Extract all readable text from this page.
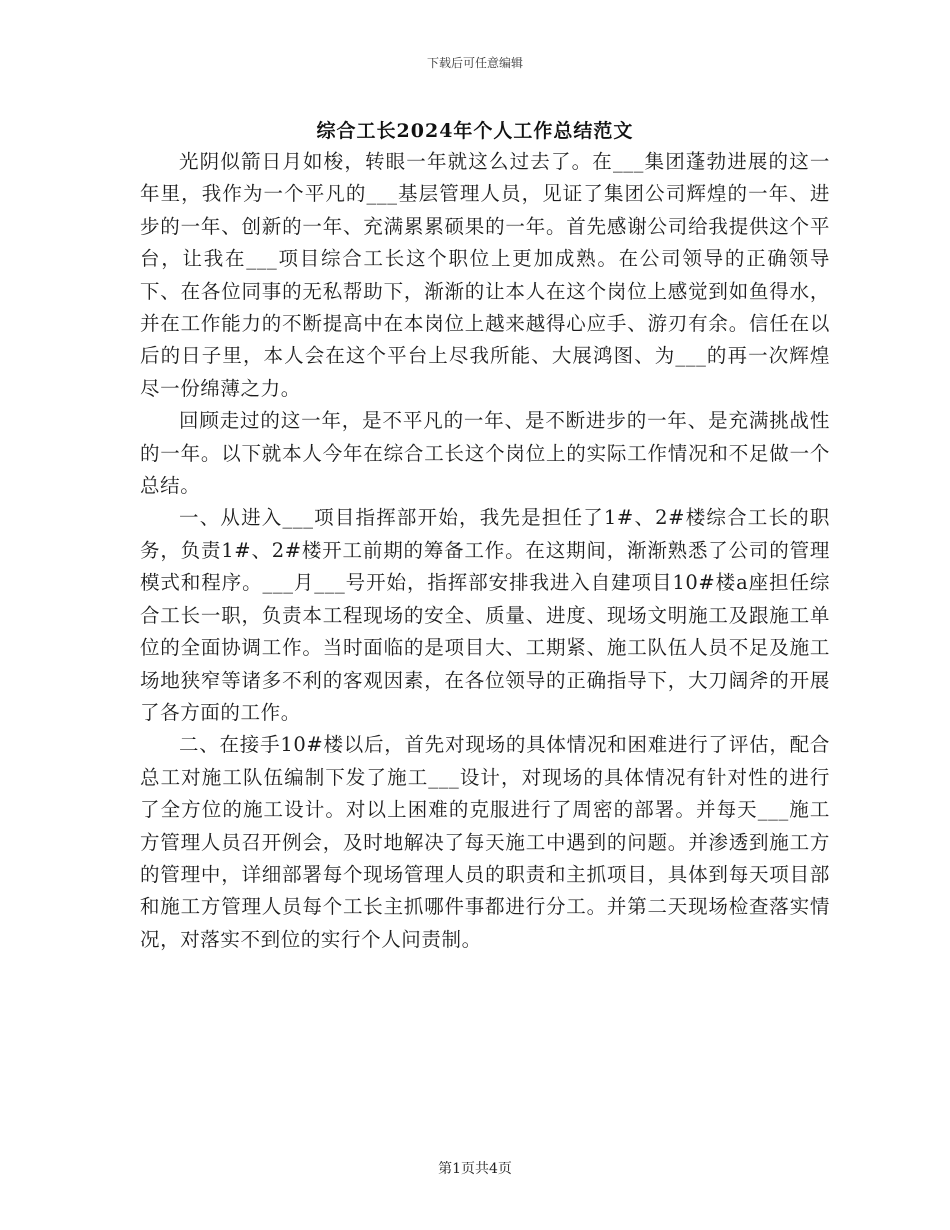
下载后可任意编辑
综合工长2024年个人工作总结范文

光阴似箭日月如梭，转眼一年就这么过去了。在___集团蓬勃进展的这一年里，我作为一个平凡的___基层管理人员，见证了集团公司辉煌的一年、进步的一年、创新的一年、充满累累硕果的一年。首先感谢公司给我提供这个平台，让我在___项目综合工长这个职位上更加成熟。在公司领导的正确领导下、在各位同事的无私帮助下，渐渐的让本人在这个岗位上感觉到如鱼得水，并在工作能力的不断提高中在本岗位上越来越得心应手、游刃有余。信任在以后的日子里，本人会在这个平台上尽我所能、大展鸿图、为___的再一次辉煌尽一份绵薄之力。

回顾走过的这一年，是不平凡的一年、是不断进步的一年、是充满挑战性的一年。以下就本人今年在综合工长这个岗位上的实际工作情况和不足做一个总结。

一、从进入___项目指挥部开始，我先是担任了1#、2#楼综合工长的职务，负责1#、2#楼开工前期的筹备工作。在这期间，渐渐熟悉了公司的管理模式和程序。___月___号开始，指挥部安排我进入自建项目10#楼a座担任综合工长一职，负责本工程现场的安全、质量、进度、现场文明施工及跟施工单位的全面协调工作。当时面临的是项目大、工期紧、施工队伍人员不足及施工场地狭窄等诸多不利的客观因素，在各位领导的正确指导下，大刀阔斧的开展了各方面的工作。

二、在接手10#楼以后，首先对现场的具体情况和困难进行了评估，配合总工对施工队伍编制下发了施工___设计，对现场的具体情况有针对性的进行了全方位的施工设计。对以上困难的克服进行了周密的部署。并每天___施工方管理人员召开例会，及时地解决了每天施工中遇到的问题。并渗透到施工方的管理中，详细部署每个现场管理人员的职责和主抓项目，具体到每天项目部和施工方管理人员每个工长主抓哪件事都进行分工。并第二天现场检查落实情况，对落实不到位的实行个人问责制。

第1页共4页
